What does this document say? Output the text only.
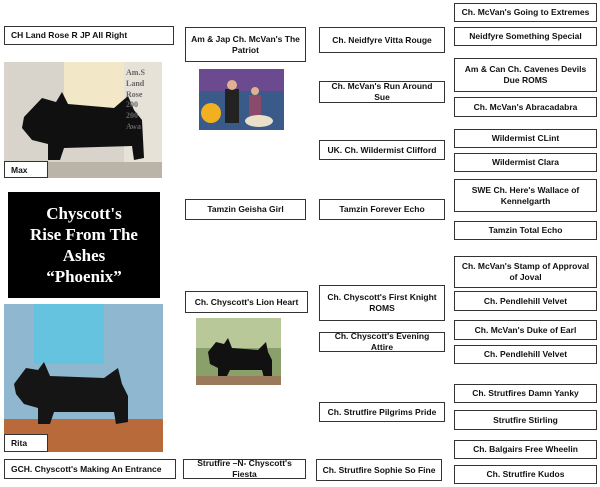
CH Land Rose R JP All Right
GCH. Chyscott's Making An Entrance
Am.S
Land Rose
200
200
Awa
Max
Chyscott's
Rise From The
Ashes
“Phoenix”
Rita
Am & Jap Ch. McVan's The Patriot
Tamzin Geisha Girl
Ch. Chyscott's Lion Heart
Strutfire –N- Chyscott's Fiesta
Ch. Neidfyre Vitta Rouge
Ch. McVan's Run Around Sue
UK. Ch. Wildermist Clifford
Tamzin Forever Echo
Ch. Chyscott's First Knight ROMS
Ch. Chyscott's Evening Attire
Ch. Strutfire Pilgrims Pride
Ch. Strutfire Sophie So Fine
Ch. McVan's Going to Extremes
Neidfyre Something Special
Am & Can Ch. Cavenes Devils Due ROMS
Ch. McVan's Abracadabra
Wildermist CLint
Wildermist Clara
SWE Ch. Here's Wallace of Kennelgarth
Tamzin Total Echo
Ch. McVan's Stamp of Approval of Joval
Ch. Pendlehill Velvet
Ch. McVan's Duke of Earl
Ch. Pendlehill Velvet
Ch. Strutfires Damn Yanky
Strutfire Stirling
Ch. Balgairs Free Wheelin
Ch. Strutfire Kudos
